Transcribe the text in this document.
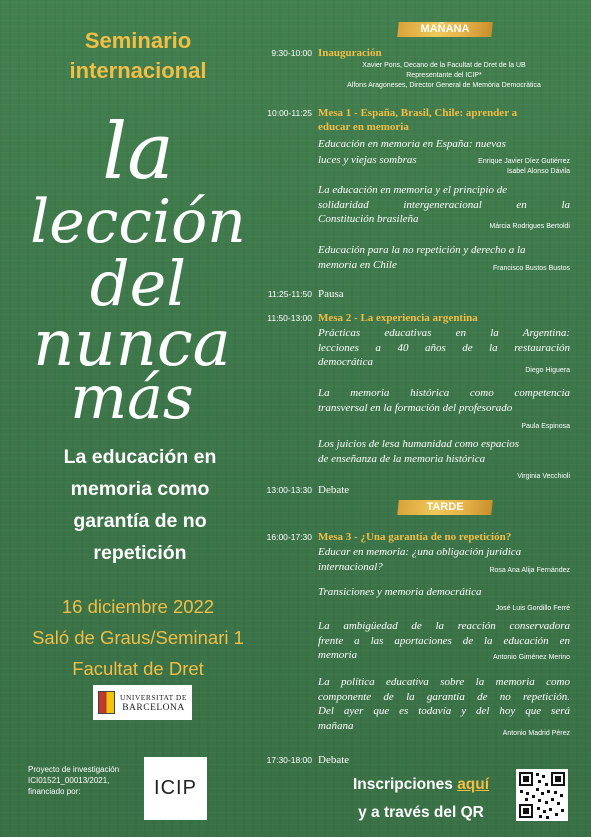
Seminario
internacional
la
lección
del
nunca
más
La educación en
memoria como
garantía de no
repetición
16 diciembre 2022
Saló de Graus/Seminari 1
Facultat de Dret
UNIVERSITAT DE
BARCELONA
Proyecto de investigación
ICI01521_00013/2021,
financiado por:	ICIP
MAÑANA
9:30-10:00 Inauguración
Xavier Pons, Decano de la Facultat de Dret de la UB
Representante del ICIP*
Alfons Aragoneses, Director General de Memòria Democràtica
10:00-11:25 Mesa 1 - España, Brasil, Chile: aprender a
educar en memoria
Educación en memoria en España: nuevas
luces y viejas sombras	Enrique Javier Díez Gutiérrez
Isabel Alonso Dávila
La educación en memoria y el principio de
solidaridad intergeneracional en la
Constitución brasileña
Márcia Rodrigues Bertoldi
Educación para la no repetición y derecho a la
memoria en Chile	Francisco Bustos Bustos
11:25-11:50 Pausa
11:50-13:00 Mesa 2 - La experiencia argentina
Prácticas educativas en la Argentina:
lecciones a 40 años de la restauración
democrática
Diego Higuera
La memoria histórica como competencia
transversal en la formación del profesorado
Paula Espinosa
Los juicios de lesa humanidad como espacios
de enseñanza de la memoria histórica
Virginia Vecchioli
13:00-13:30 Debate
TARDE
16:00-17:30 Mesa 3 - ¿Una garantía de no repetición?
Educar en memoria: ¿una obligación jurídica
internacional?	Rosa Ana Alija Fernández
Transiciones y memoria democrática
José Luis Gordillo Ferré
La ambigüedad de la reacción conservadora
frente a las aportaciones de la educación en
memoria	Antonio Giménez Merino
La política educativa sobre la memoria como
componente de la garantía de no repetición.
Del ayer que es todavía y del hoy que será
mañana
Antonio Madrid Pérez
17:30-18:00 Debate
Inscripciones aquí
y a través del QR
